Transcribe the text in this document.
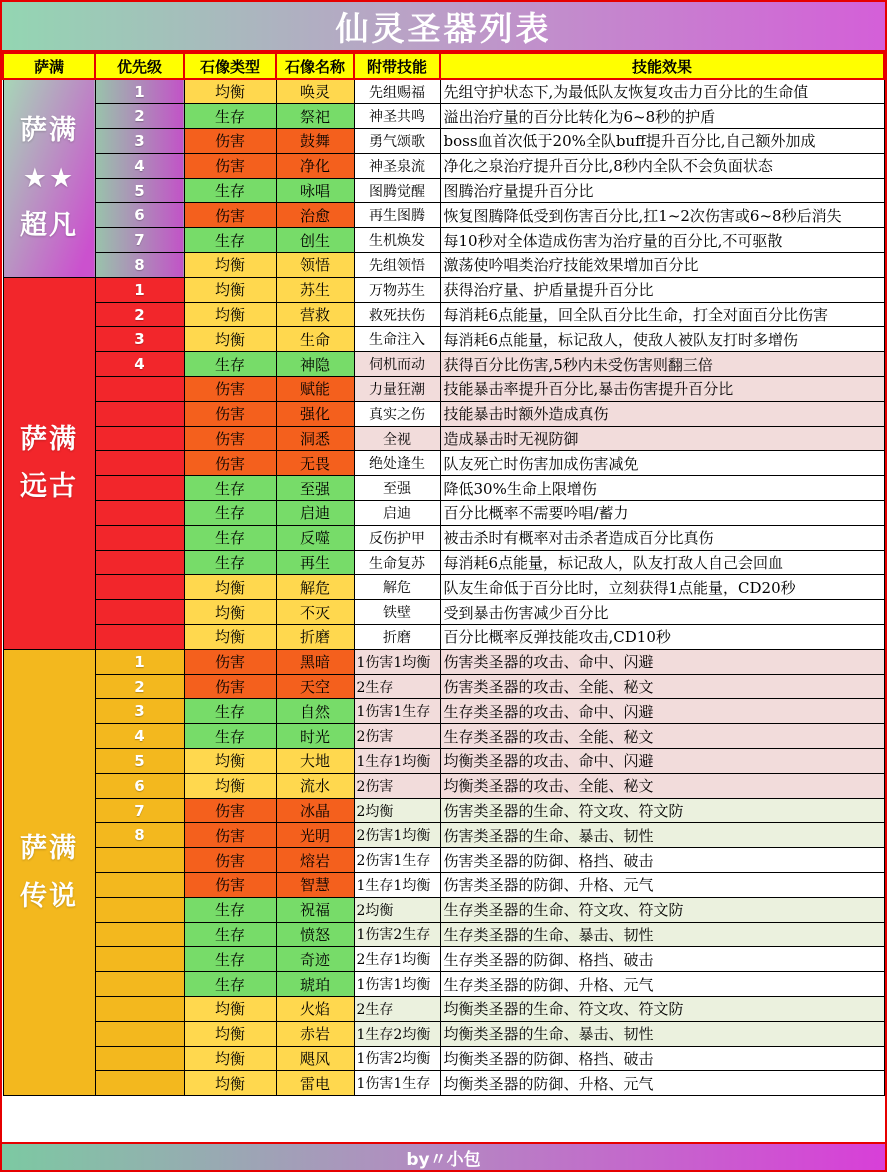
仙灵圣器列表
萨满	优先级	石像类型	石像名称	附带技能	技能效果

萨满
★★
超凡	1	均衡	唤灵	先组赐福	先组守护状态下,为最低队友恢复攻击力百分比的生命值
	2	生存	祭祀	神圣共鸣	溢出治疗量的百分比转化为6~8秒的护盾
	3	伤害	鼓舞	勇气颂歌	boss血首次低于20%全队buff提升百分比,自己额外加成
	4	伤害	净化	神圣泉流	净化之泉治疗提升百分比,8秒内全队不会负面状态
	5	生存	咏唱	图腾觉醒	图腾治疗量提升百分比
	6	伤害	治愈	再生图腾	恢复图腾降低受到伤害百分比,扛1~2次伤害或6~8秒后消失
	7	生存	创生	生机焕发	每10秒对全体造成伤害为治疗量的百分比,不可驱散
	8	均衡	领悟	先组领悟	激荡使吟唱类治疗技能效果增加百分比

萨满
远古	1	均衡	苏生	万物苏生	获得治疗量、护盾量提升百分比
	2	均衡	营救	救死扶伤	每消耗6点能量，回全队百分比生命，打全对面百分比伤害
	3	均衡	生命	生命注入	每消耗6点能量，标记敌人，使敌人被队友打时多增伤
	4	生存	神隐	伺机而动	获得百分比伤害,5秒内未受伤害则翻三倍
		伤害	赋能	力量狂潮	技能暴击率提升百分比,暴击伤害提升百分比
		伤害	强化	真实之伤	技能暴击时额外造成真伤
		伤害	洞悉	全视	造成暴击时无视防御
		伤害	无畏	绝处逢生	队友死亡时伤害加成伤害减免
		生存	至强	至强	降低30%生命上限增伤
		生存	启迪	启迪	百分比概率不需要吟唱/蓄力
		生存	反噬	反伤护甲	被击杀时有概率对击杀者造成百分比真伤
		生存	再生	生命复苏	每消耗6点能量，标记敌人，队友打敌人自己会回血
		均衡	解危	解危	队友生命低于百分比时，立刻获得1点能量，CD20秒
		均衡	不灭	铁壁	受到暴击伤害减少百分比
		均衡	折磨	折磨	百分比概率反弹技能攻击,CD10秒

萨满
传说	1	伤害	黑暗	1伤害1均衡	伤害类圣器的攻击、命中、闪避
	2	伤害	天空	2生存	伤害类圣器的攻击、全能、秘文
	3	生存	自然	1伤害1生存	生存类圣器的攻击、命中、闪避
	4	生存	时光	2伤害	生存类圣器的攻击、全能、秘文
	5	均衡	大地	1生存1均衡	均衡类圣器的攻击、命中、闪避
	6	均衡	流水	2伤害	均衡类圣器的攻击、全能、秘文
	7	伤害	冰晶	2均衡	伤害类圣器的生命、符文攻、符文防
	8	伤害	光明	2伤害1均衡	伤害类圣器的生命、暴击、韧性
		伤害	熔岩	2伤害1生存	伤害类圣器的防御、格挡、破击
		伤害	智慧	1生存1均衡	伤害类圣器的防御、升格、元气
		生存	祝福	2均衡	生存类圣器的生命、符文攻、符文防
		生存	愤怒	1伤害2生存	生存类圣器的生命、暴击、韧性
		生存	奇迹	2生存1均衡	生存类圣器的防御、格挡、破击
		生存	琥珀	1伤害1均衡	生存类圣器的防御、升格、元气
		均衡	火焰	2生存	均衡类圣器的生命、符文攻、符文防
		均衡	赤岩	1生存2均衡	均衡类圣器的生命、暴击、韧性
		均衡	飓风	1伤害2均衡	均衡类圣器的防御、格挡、破击
		均衡	雷电	1伤害1生存	均衡类圣器的防御、升格、元气
by〃小包
